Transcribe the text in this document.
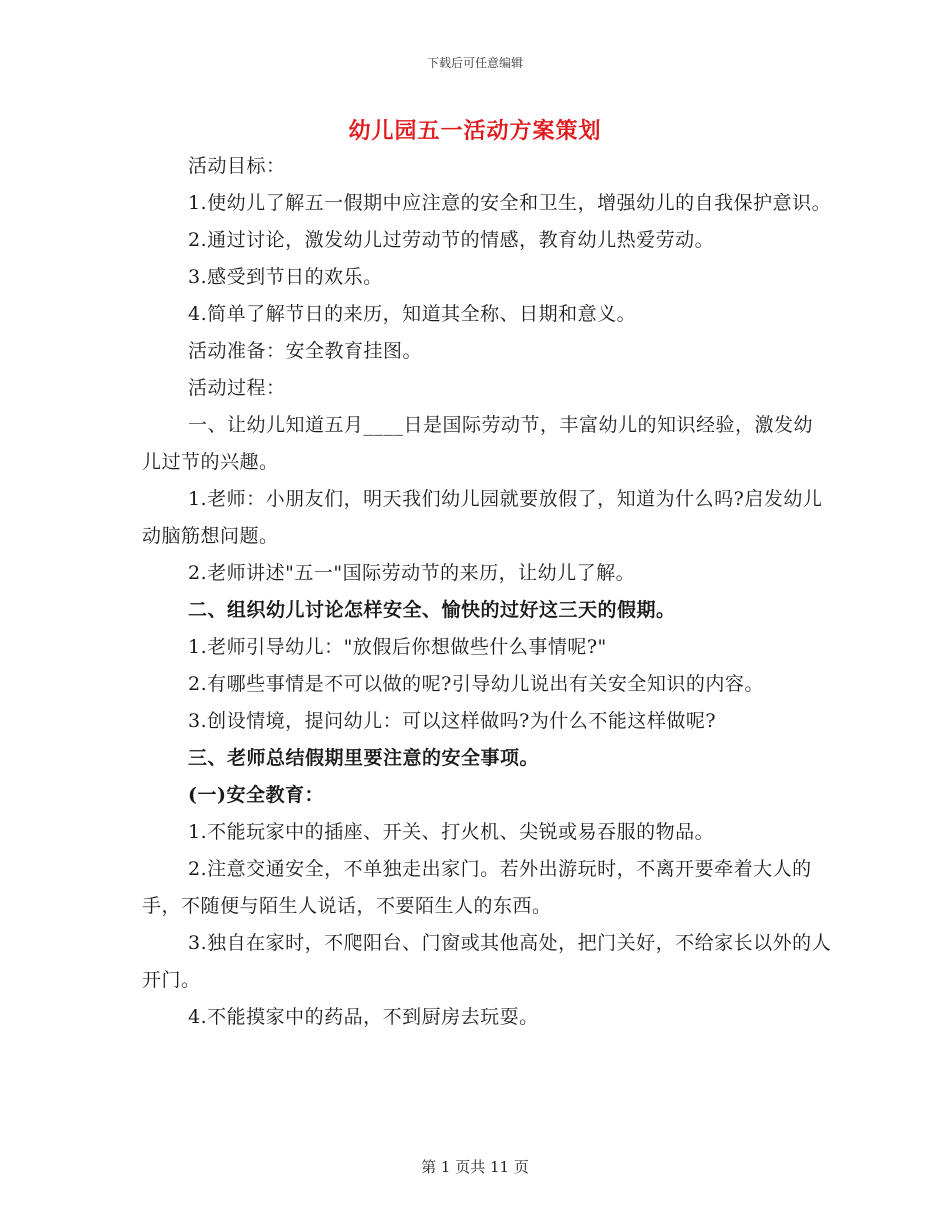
下载后可任意编辑
幼儿园五一活动方案策划

活动目标：

1.使幼儿了解五一假期中应注意的安全和卫生，增强幼儿的自我保护意识。

2.通过讨论，激发幼儿过劳动节的情感，教育幼儿热爱劳动。

3.感受到节日的欢乐。

4.简单了解节日的来历，知道其全称、日期和意义。

活动准备：安全教育挂图。

活动过程：

一、让幼儿知道五月____日是国际劳动节，丰富幼儿的知识经验，激发幼儿过节的兴趣。

1.老师：小朋友们，明天我们幼儿园就要放假了，知道为什么吗?启发幼儿动脑筋想问题。

2.老师讲述"五一"国际劳动节的来历，让幼儿了解。

二、组织幼儿讨论怎样安全、愉快的过好这三天的假期。

1.老师引导幼儿："放假后你想做些什么事情呢?"

2.有哪些事情是不可以做的呢?引导幼儿说出有关安全知识的内容。

3.创设情境，提问幼儿：可以这样做吗?为什么不能这样做呢?

三、老师总结假期里要注意的安全事项。

(一)安全教育：

1.不能玩家中的插座、开关、打火机、尖锐或易吞服的物品。

2.注意交通安全，不单独走出家门。若外出游玩时，不离开要牵着大人的手，不随便与陌生人说话，不要陌生人的东西。

3.独自在家时，不爬阳台、门窗或其他高处，把门关好，不给家长以外的人开门。

4.不能摸家中的药品，不到厨房去玩耍。

第 1 页共 11 页
